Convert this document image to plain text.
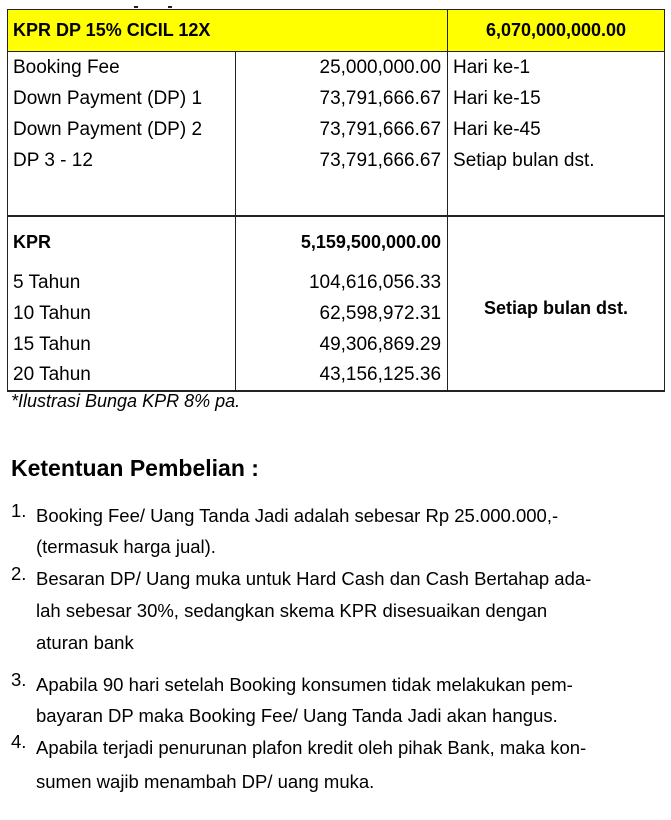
KPR DP 15% CICIL 12X		6,070,000,000.00
Booking Fee	25,000,000.00	Hari ke-1
Down Payment (DP) 1	73,791,666.67	Hari ke-15
Down Payment (DP) 2	73,791,666.67	Hari ke-45
DP 3 - 12	73,791,666.67	Setiap bulan dst.

KPR	5,159,500,000.00	Setiap bulan dst.
5 Tahun	104,616,056.33	
10 Tahun	62,598,972.31	
15 Tahun	49,306,869.29	
20 Tahun	43,156,125.36	
*Ilustrasi Bunga KPR 8% pa.
Ketentuan Pembelian :
1. Booking Fee/ Uang Tanda Jadi adalah sebesar Rp 25.000.000,-
(termasuk harga jual).
2. Besaran DP/ Uang muka untuk Hard Cash dan Cash Bertahap ada-
lah sebesar 30%, sedangkan skema KPR disesuaikan dengan
aturan bank
3. Apabila 90 hari setelah Booking konsumen tidak melakukan pem-
bayaran DP maka Booking Fee/ Uang Tanda Jadi akan hangus.
4. Apabila terjadi penurunan plafon kredit oleh pihak Bank, maka kon-
sumen wajib menambah DP/ uang muka.
